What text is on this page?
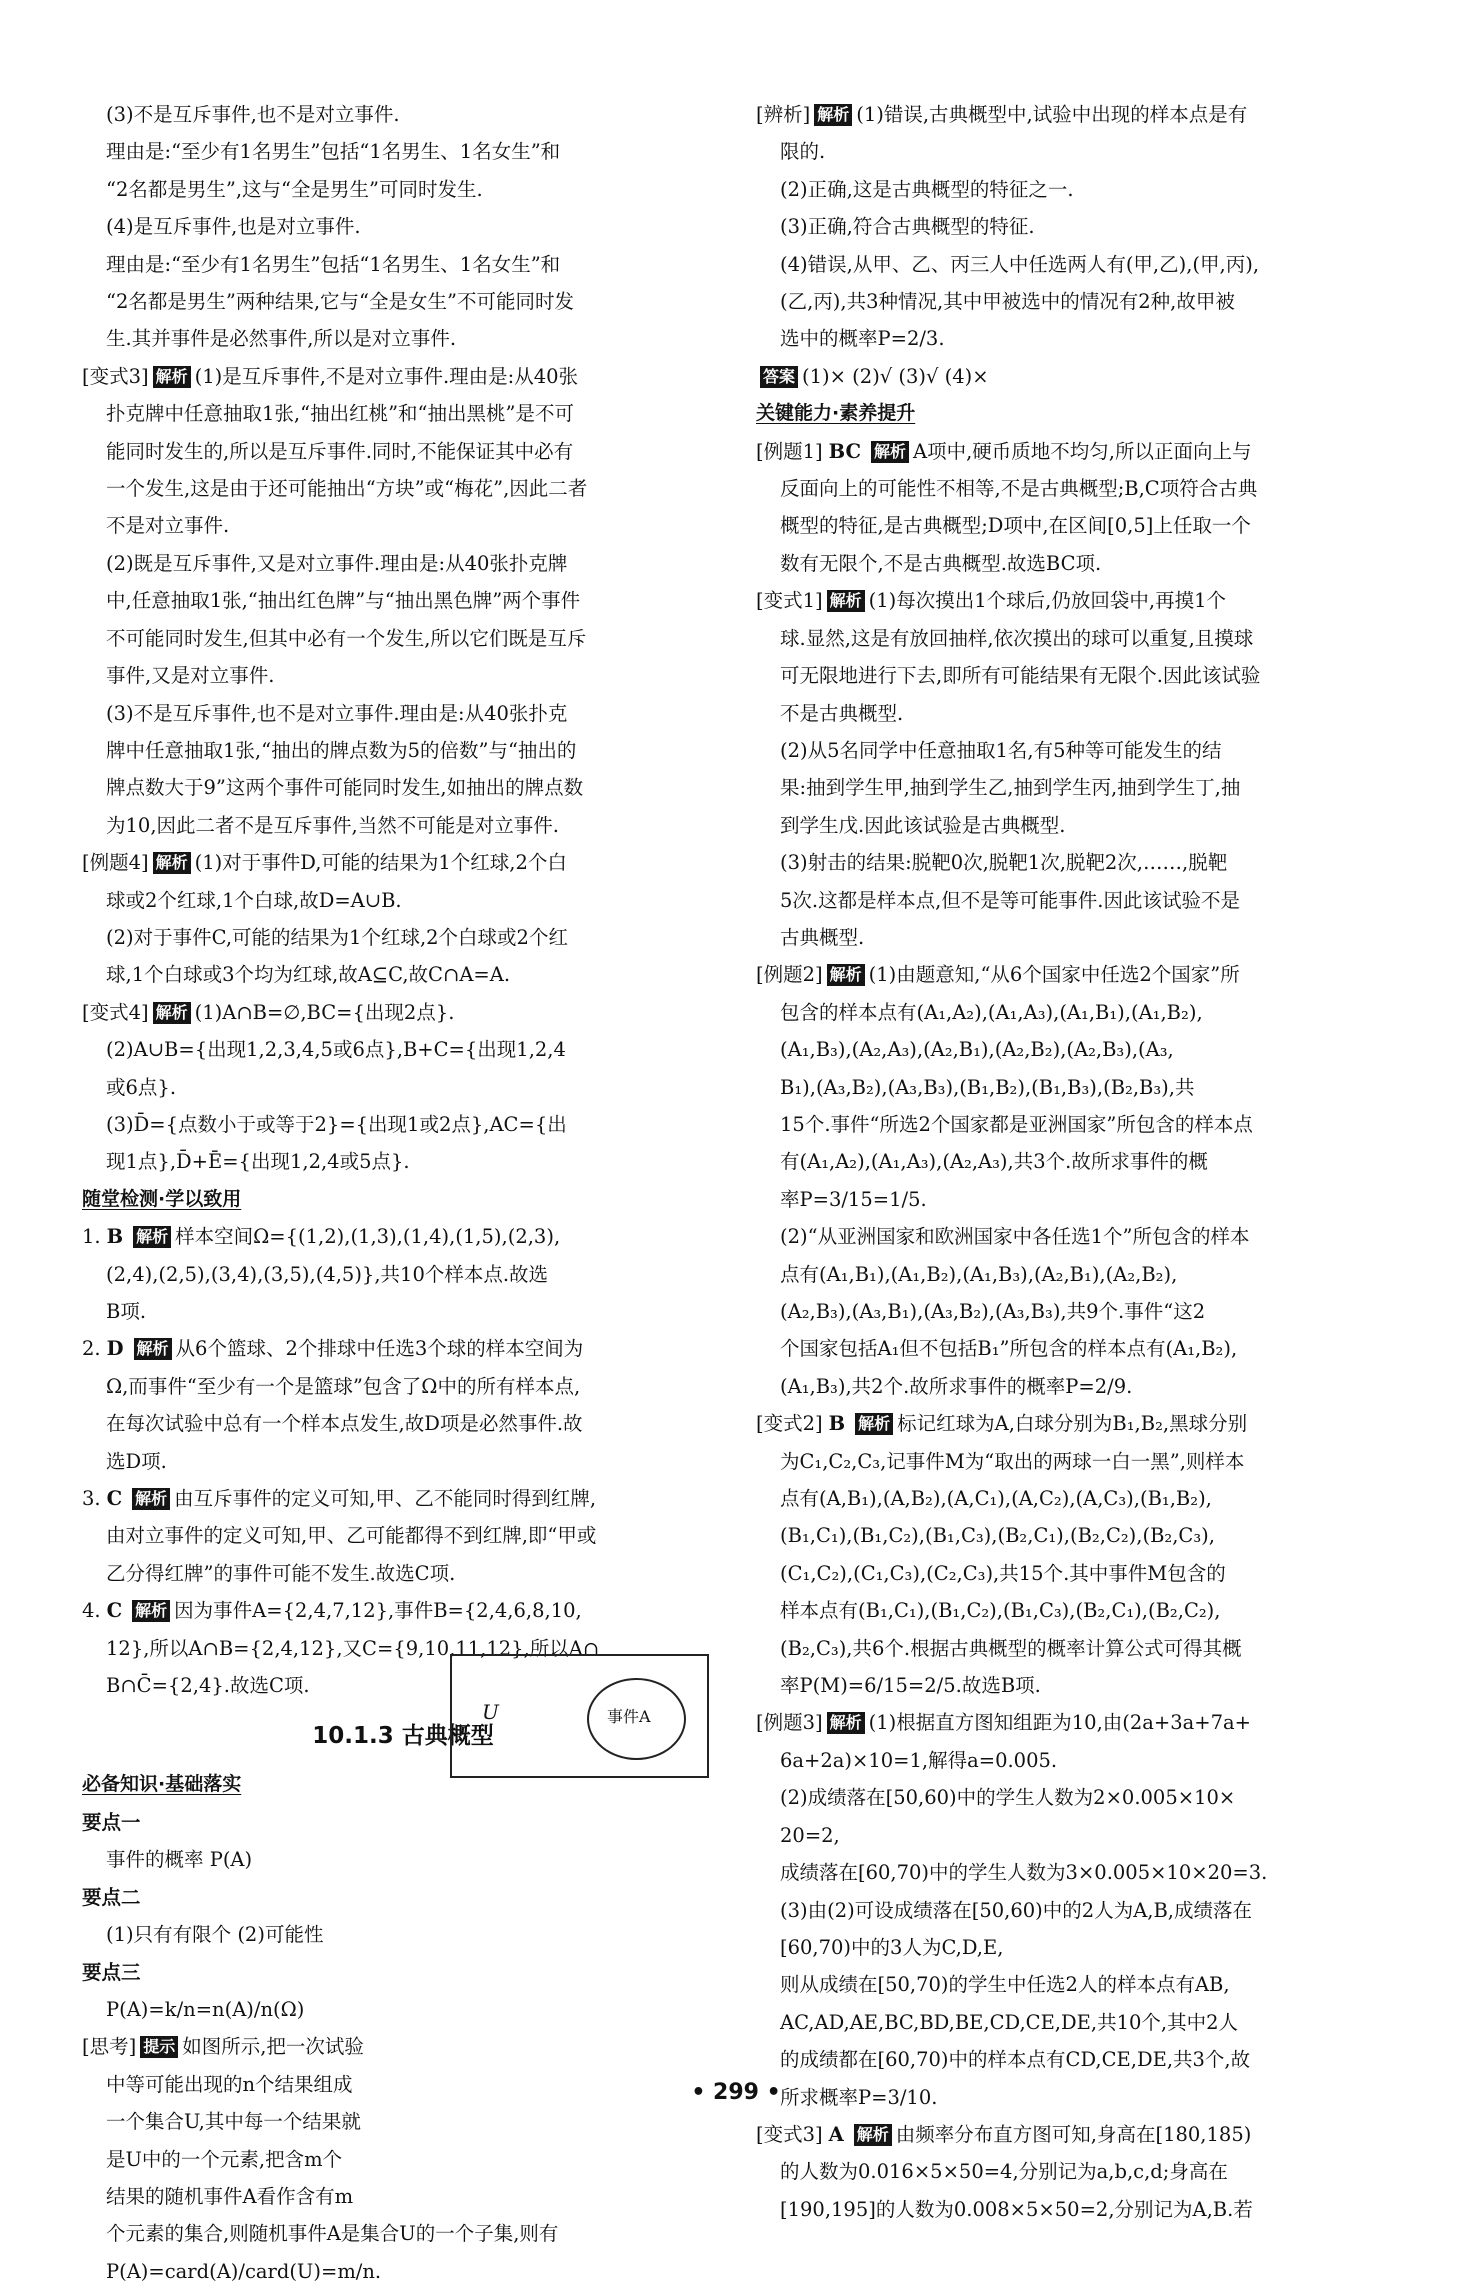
(3)不是互斥事件,也不是对立事件.
理由是:“至少有1名男生”包括“1名男生、1名女生”和
“2名都是男生”,这与“全是男生”可同时发生.
(4)是互斥事件,也是对立事件.
理由是:“至少有1名男生”包括“1名男生、1名女生”和
“2名都是男生”两种结果,它与“全是女生”不可能同时发
生.其并事件是必然事件,所以是对立事件.
[变式3] 解析 (1)是互斥事件,不是对立事件.理由是:从40张
扑克牌中任意抽取1张,“抽出红桃”和“抽出黑桃”是不可
能同时发生的,所以是互斥事件.同时,不能保证其中必有
一个发生,这是由于还可能抽出“方块”或“梅花”,因此二者
不是对立事件.
(2)既是互斥事件,又是对立事件.理由是:从40张扑克牌
中,任意抽取1张,“抽出红色牌”与“抽出黑色牌”两个事件
不可能同时发生,但其中必有一个发生,所以它们既是互斥
事件,又是对立事件.
(3)不是互斥事件,也不是对立事件.理由是:从40张扑克
牌中任意抽取1张,“抽出的牌点数为5的倍数”与“抽出的
牌点数大于9”这两个事件可能同时发生,如抽出的牌点数
为10,因此二者不是互斥事件,当然不可能是对立事件.
[例题4] 解析 (1)对于事件D,可能的结果为1个红球,2个白
球或2个红球,1个白球,故D=A∪B.
(2)对于事件C,可能的结果为1个红球,2个白球或2个红
球,1个白球或3个均为红球,故A⊆C,故C∩A=A.
[变式4] 解析 (1)A∩B=∅,BC={出现2点}.
(2)A∪B={出现1,2,3,4,5或6点},B+C={出现1,2,4
或6点}.
(3)D̄={点数小于或等于2}={出现1或2点},AC={出
现1点},D̄+Ē={出现1,2,4或5点}.
随堂检测·学以致用
1. B 解析 样本空间Ω={(1,2),(1,3),(1,4),(1,5),(2,3),
(2,4),(2,5),(3,4),(3,5),(4,5)},共10个样本点.故选
B项.
2. D 解析 从6个篮球、2个排球中任选3个球的样本空间为
Ω,而事件“至少有一个是篮球”包含了Ω中的所有样本点,
在每次试验中总有一个样本点发生,故D项是必然事件.故
选D项.
3. C 解析 由互斥事件的定义可知,甲、乙不能同时得到红牌,
由对立事件的定义可知,甲、乙可能都得不到红牌,即“甲或
乙分得红牌”的事件可能不发生.故选C项.
4. C 解析 因为事件A={2,4,7,12},事件B={2,4,6,8,10,
12},所以A∩B={2,4,12},又C={9,10,11,12},所以A∩
B∩C̄={2,4}.故选C项.
10.1.3 古典概型
必备知识·基础落实
要点一
事件的概率 P(A)
要点二
(1)只有有限个 (2)可能性
要点三
P(A)=k/n=n(A)/n(Ω)
[思考] 提示 如图所示,把一次试验
中等可能出现的n个结果组成
一个集合U,其中每一个结果就
是U中的一个元素,把含m个
结果的随机事件A看作含有m
个元素的集合,则随机事件A是集合U的一个子集,则有
P(A)=card(A)/card(U)=m/n.
[辨析] 解析 (1)错误,古典概型中,试验中出现的样本点是有
限的.
(2)正确,这是古典概型的特征之一.
(3)正确,符合古典概型的特征.
(4)错误,从甲、乙、丙三人中任选两人有(甲,乙),(甲,丙),
(乙,丙),共3种情况,其中甲被选中的情况有2种,故甲被
选中的概率P=2/3.
答案 (1)× (2)√ (3)√ (4)×
关键能力·素养提升
[例题1] BC 解析 A项中,硬币质地不均匀,所以正面向上与
反面向上的可能性不相等,不是古典概型;B,C项符合古典
概型的特征,是古典概型;D项中,在区间[0,5]上任取一个
数有无限个,不是古典概型.故选BC项.
[变式1] 解析 (1)每次摸出1个球后,仍放回袋中,再摸1个
球.显然,这是有放回抽样,依次摸出的球可以重复,且摸球
可无限地进行下去,即所有可能结果有无限个.因此该试验
不是古典概型.
(2)从5名同学中任意抽取1名,有5种等可能发生的结
果:抽到学生甲,抽到学生乙,抽到学生丙,抽到学生丁,抽
到学生戊.因此该试验是古典概型.
(3)射击的结果:脱靶0次,脱靶1次,脱靶2次,……,脱靶
5次.这都是样本点,但不是等可能事件.因此该试验不是
古典概型.
[例题2] 解析 (1)由题意知,“从6个国家中任选2个国家”所
包含的样本点有(A₁,A₂),(A₁,A₃),(A₁,B₁),(A₁,B₂),
(A₁,B₃),(A₂,A₃),(A₂,B₁),(A₂,B₂),(A₂,B₃),(A₃,
B₁),(A₃,B₂),(A₃,B₃),(B₁,B₂),(B₁,B₃),(B₂,B₃),共
15个.事件“所选2个国家都是亚洲国家”所包含的样本点
有(A₁,A₂),(A₁,A₃),(A₂,A₃),共3个.故所求事件的概
率P=3/15=1/5.
(2)“从亚洲国家和欧洲国家中各任选1个”所包含的样本
点有(A₁,B₁),(A₁,B₂),(A₁,B₃),(A₂,B₁),(A₂,B₂),
(A₂,B₃),(A₃,B₁),(A₃,B₂),(A₃,B₃),共9个.事件“这2
个国家包括A₁但不包括B₁”所包含的样本点有(A₁,B₂),
(A₁,B₃),共2个.故所求事件的概率P=2/9.
[变式2] B 解析 标记红球为A,白球分别为B₁,B₂,黑球分别
为C₁,C₂,C₃,记事件M为“取出的两球一白一黑”,则样本
点有(A,B₁),(A,B₂),(A,C₁),(A,C₂),(A,C₃),(B₁,B₂),
(B₁,C₁),(B₁,C₂),(B₁,C₃),(B₂,C₁),(B₂,C₂),(B₂,C₃),
(C₁,C₂),(C₁,C₃),(C₂,C₃),共15个.其中事件M包含的
样本点有(B₁,C₁),(B₁,C₂),(B₁,C₃),(B₂,C₁),(B₂,C₂),
(B₂,C₃),共6个.根据古典概型的概率计算公式可得其概
率P(M)=6/15=2/5.故选B项.
[例题3] 解析 (1)根据直方图知组距为10,由(2a+3a+7a+
6a+2a)×10=1,解得a=0.005.
(2)成绩落在[50,60)中的学生人数为2×0.005×10×
20=2,
成绩落在[60,70)中的学生人数为3×0.005×10×20=3.
(3)由(2)可设成绩落在[50,60)中的2人为A,B,成绩落在
[60,70)中的3人为C,D,E,
则从成绩在[50,70)的学生中任选2人的样本点有AB,
AC,AD,AE,BC,BD,BE,CD,CE,DE,共10个,其中2人
的成绩都在[60,70)中的样本点有CD,CE,DE,共3个,故
所求概率P=3/10.
[变式3] A 解析 由频率分布直方图可知,身高在[180,185)
的人数为0.016×5×50=4,分别记为a,b,c,d;身高在
[190,195]的人数为0.008×5×50=2,分别记为A,B.若
U	事件A
• 299 •
